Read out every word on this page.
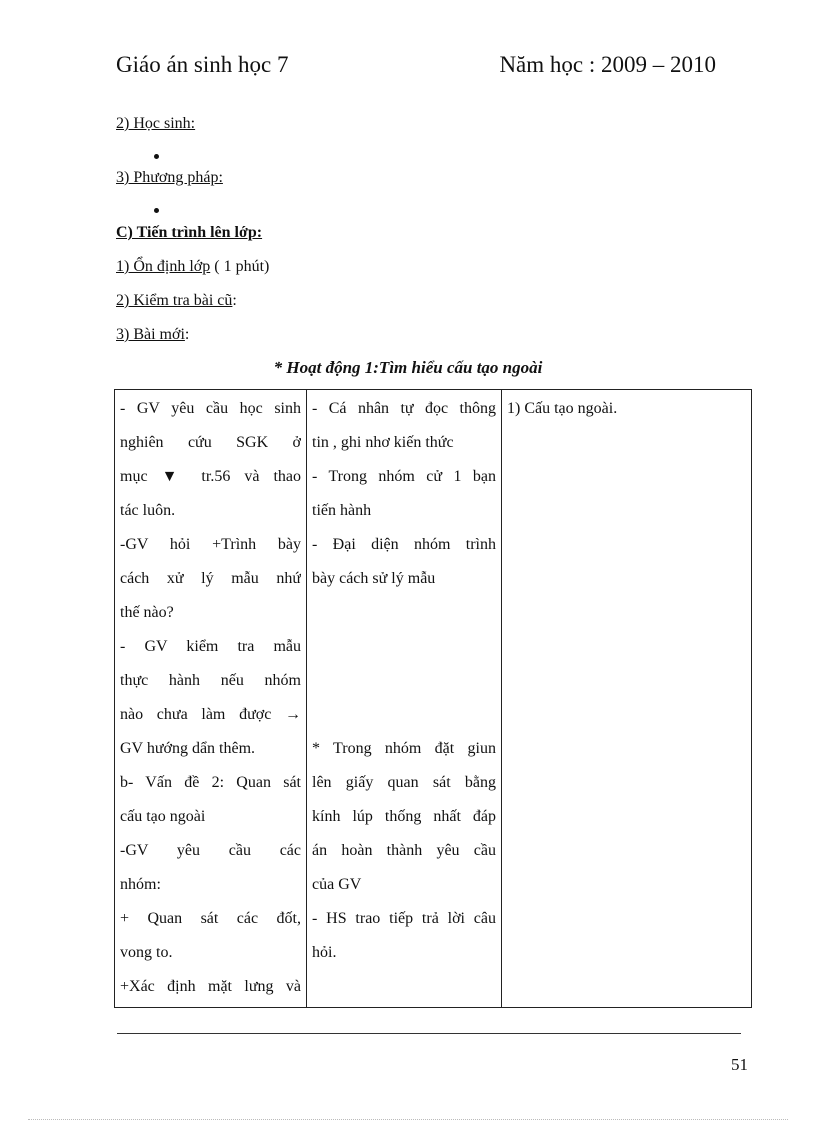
Giáo án sinh học 7	Năm học : 2009 – 2010
2) Học sinh:
3) Phương pháp:
C) Tiến trình lên lớp:
1) Ổn định lớp ( 1 phút)
2) Kiểm tra bài cũ:
3) Bài mới:
* Hoạt động 1:Tìm hiểu cấu tạo ngoài
- GV yêu cầu học sinh
nghiên cứu SGK ở
mục ▼ tr.56 và thao
tác luôn.
-GV hỏi +Trình bày
cách xử lý mẫu nhứ
thế nào?
- GV kiểm tra mẫu
thực hành nếu nhóm
nào chưa làm được →
GV hướng dẩn thêm.
b- Vấn đề 2: Quan sát
cấu tạo ngoài
-GV yêu cầu các
nhóm:
+ Quan sát các đốt,
vong to.
+Xác định mặt lưng và

- Cá nhân tự đọc thông
tin , ghi nhơ kiến thức
- Trong nhóm cử 1 bạn
tiến hành
- Đại diện nhóm trình
bày cách sử lý mẫu
* Trong nhóm đặt giun
lên giấy quan sát bằng
kính lúp thống nhất đáp
án hoàn thành yêu cầu
của GV
- HS trao tiếp trả lời câu
hỏi.

1) Cấu tạo ngoài.
51
